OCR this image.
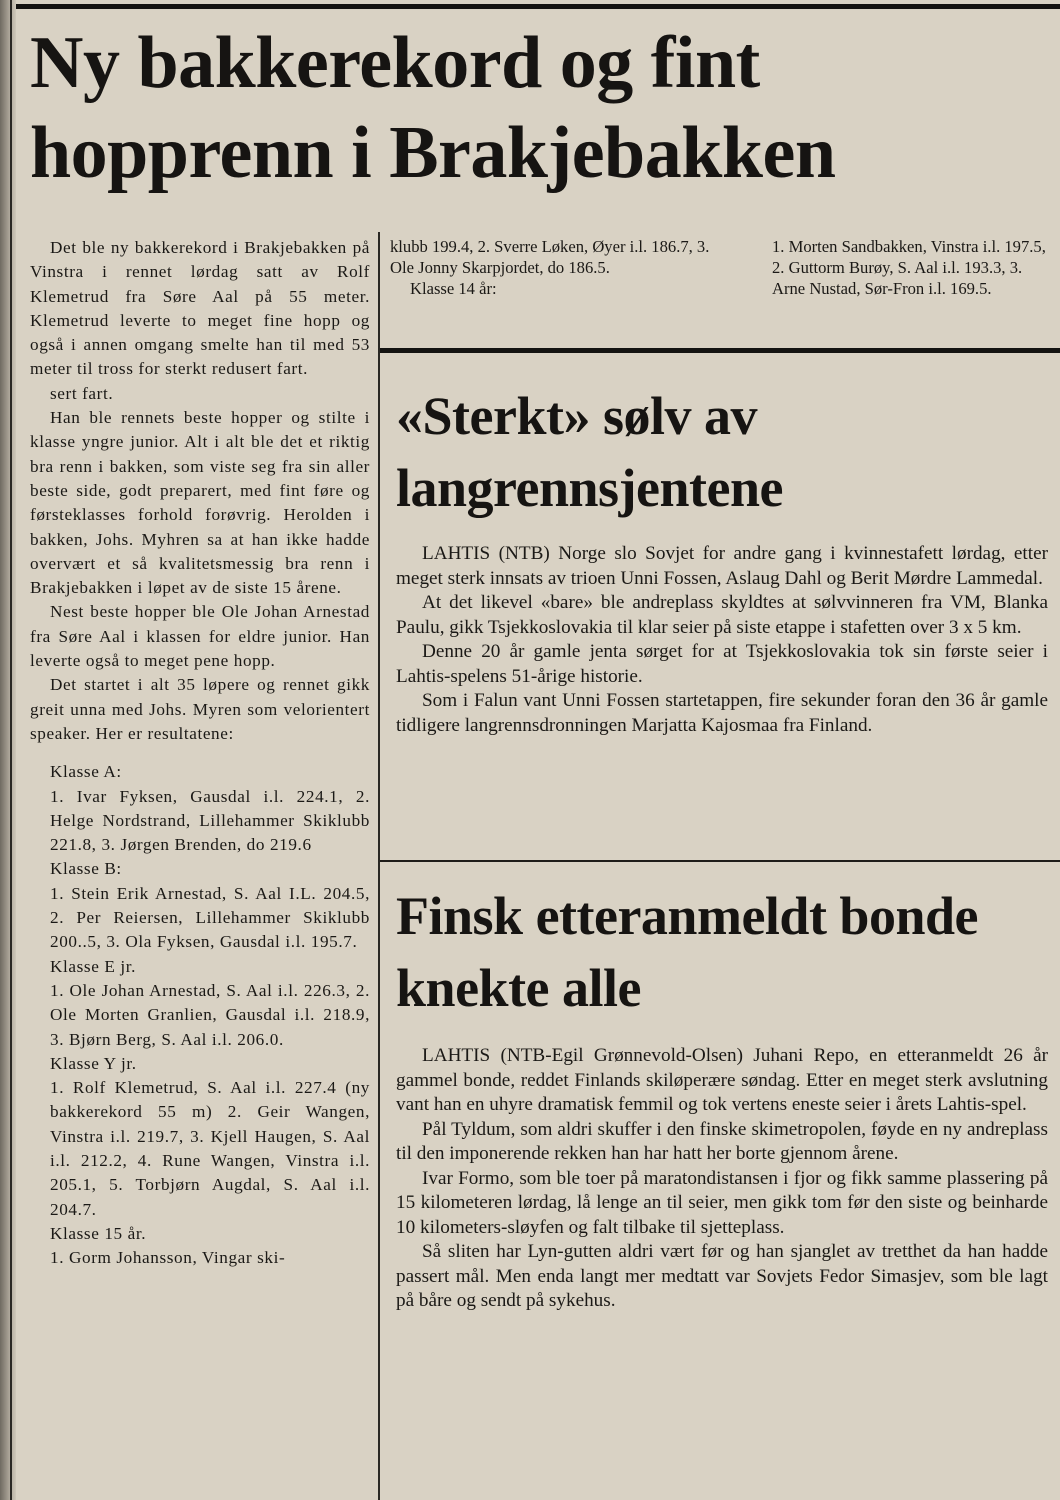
Ny bakkerekord og fint hopprenn i Brakjebakken

Det ble ny bakkerekord i Brakjebakken på Vinstra i rennet lørdag satt av Rolf Klemetrud fra Søre Aal på 55 meter. Klemetrud leverte to meget fine hopp og også i annen omgang smelte han til med 53 meter til tross for sterkt redusert fart.

sert fart.

Han ble rennets beste hopper og stilte i klasse yngre junior. Alt i alt ble det et riktig bra renn i bakken, som viste seg fra sin aller beste side, godt preparert, med fint føre og førsteklasses forhold forøvrig. Herolden i bakken, Johs. Myhren sa at han ikke hadde overvært et så kvalitetsmessig bra renn i Brakjebakken i løpet av de siste 15 årene.

Nest beste hopper ble Ole Johan Arnestad fra Søre Aal i klassen for eldre junior. Han leverte også to meget pene hopp.

Det startet i alt 35 løpere og rennet gikk greit unna med Johs. Myren som velorientert speaker. Her er resultatene:

Klasse A:

1. Ivar Fyksen, Gausdal i.l. 224.1, 2. Helge Nordstrand, Lillehammer Skiklubb 221.8, 3. Jørgen Brenden, do 219.6

Klasse B:

1. Stein Erik Arnestad, S. Aal I.L. 204.5, 2. Per Reiersen, Lillehammer Skiklubb 200..5, 3. Ola Fyksen, Gausdal i.l. 195.7.

Klasse E jr.

1. Ole Johan Arnestad, S. Aal i.l. 226.3, 2. Ole Morten Granlien, Gausdal i.l. 218.9, 3. Bjørn Berg, S. Aal i.l. 206.0.

Klasse Y jr.

1. Rolf Klemetrud, S. Aal i.l. 227.4 (ny bakkerekord 55 m) 2. Geir Wangen, Vinstra i.l. 219.7, 3. Kjell Haugen, S. Aal i.l. 212.2, 4. Rune Wangen, Vinstra i.l. 205.1, 5. Torbjørn Augdal, S. Aal i.l. 204.7.

Klasse 15 år.

1. Gorm Johansson, Vingar ski-

klubb 199.4, 2. Sverre Løken, Øyer i.l. 186.7, 3. Ole Jonny Skarpjordet, do 186.5.

Klasse 14 år:

1. Morten Sandbakken, Vinstra i.l. 197.5, 2. Guttorm Burøy, S. Aal i.l. 193.3, 3. Arne Nustad, Sør-Fron i.l. 169.5.

«Sterkt» sølv av langrennsjentene

LAHTIS (NTB) Norge slo Sovjet for andre gang i kvinnestafett lørdag, etter meget sterk innsats av trioen Unni Fossen, Aslaug Dahl og Berit Mørdre Lammedal.

At det likevel «bare» ble andreplass skyldtes at sølvvinneren fra VM, Blanka Paulu, gikk Tsjekkoslovakia til klar seier på siste etappe i stafetten over 3 x 5 km.

Denne 20 år gamle jenta sørget for at Tsjekkoslovakia tok sin første seier i Lahtis-spelens 51-årige historie.

Som i Falun vant Unni Fossen startetappen, fire sekunder foran den 36 år gamle tidligere langrennsdronningen Marjatta Kajosmaa fra Finland.

Finsk etteranmeldt bonde knekte alle

LAHTIS (NTB-Egil Grønnevold-Olsen) Juhani Repo, en etteranmeldt 26 år gammel bonde, reddet Finlands skiløperære søndag. Etter en meget sterk avslutning vant han en uhyre dramatisk femmil og tok vertens eneste seier i årets Lahtis-spel.

Pål Tyldum, som aldri skuffer i den finske skimetropolen, føyde en ny andreplass til den imponerende rekken han har hatt her borte gjennom årene.

Ivar Formo, som ble toer på maratondistansen i fjor og fikk samme plassering på 15 kilometeren lørdag, lå lenge an til seier, men gikk tom før den siste og beinharde 10 kilometers-sløyfen og falt tilbake til sjetteplass.

Så sliten har Lyn-gutten aldri vært før og han sjanglet av tretthet da han hadde passert mål. Men enda langt mer medtatt var Sovjets Fedor Simasjev, som ble lagt på båre og sendt på sykehus.
